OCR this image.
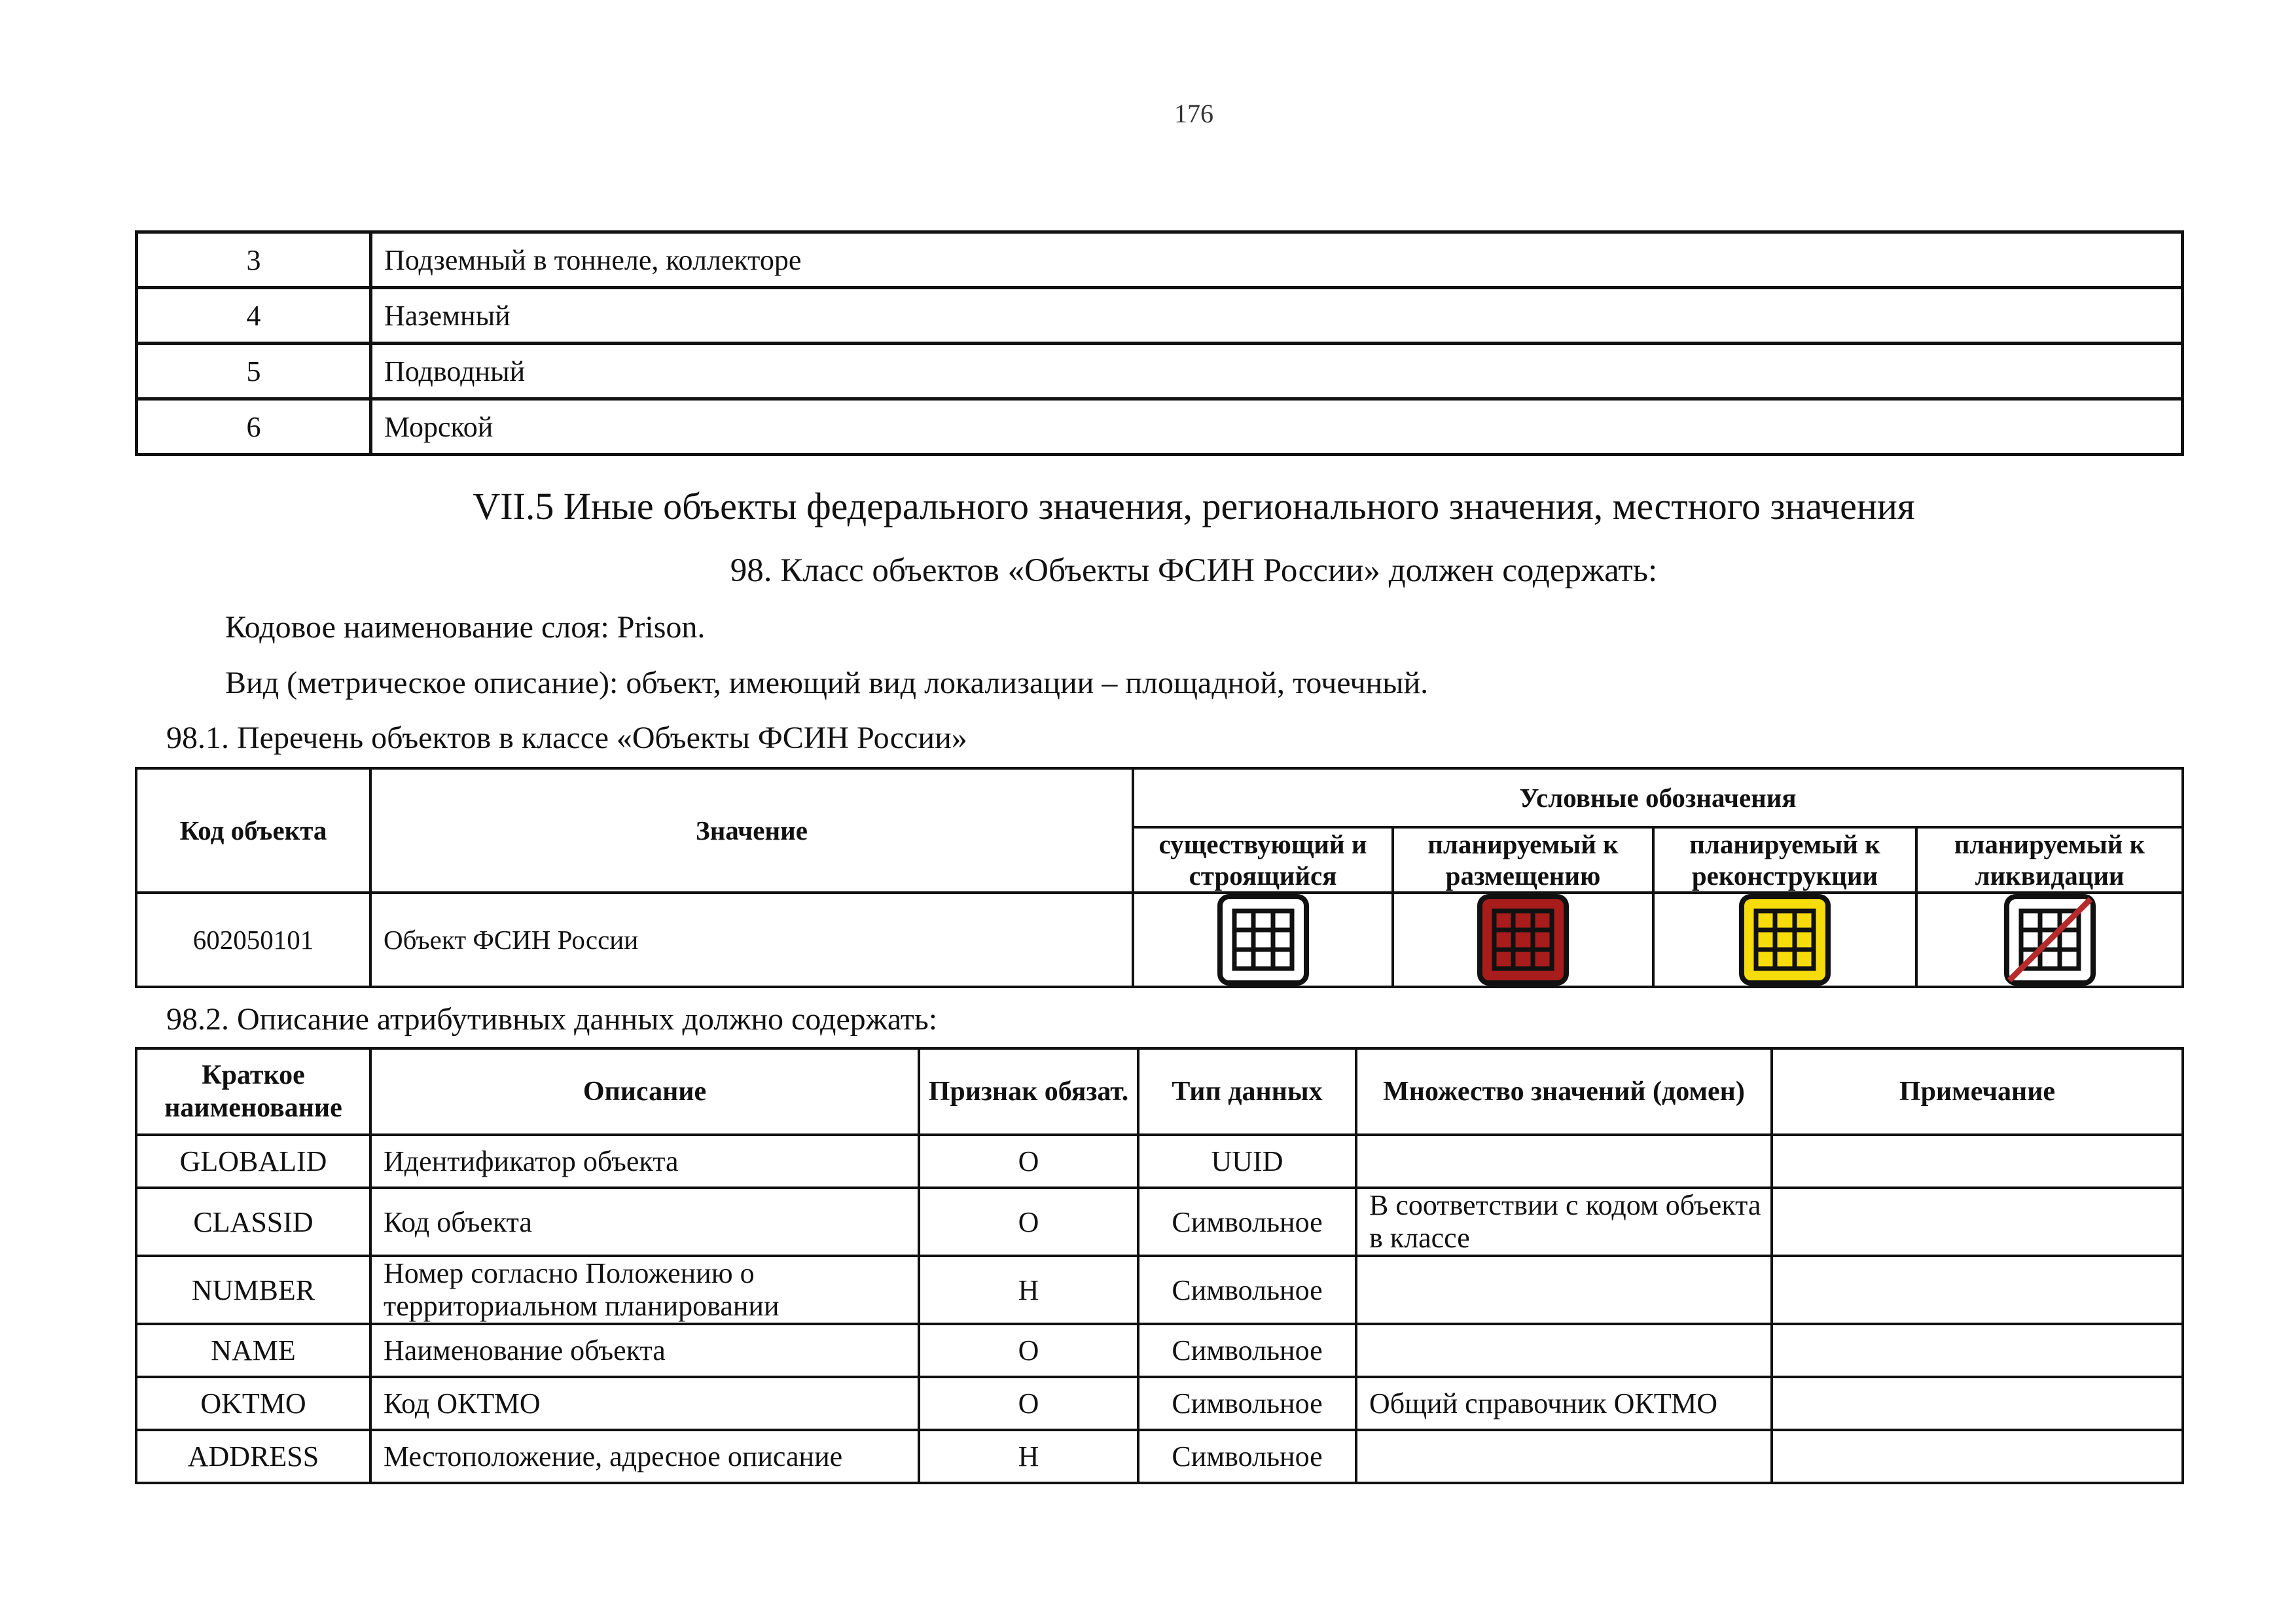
176
3	Подземный в тоннеле, коллекторе
4	Наземный
5	Подводный
6	Морской
VII.5 Иные объекты федерального значения, регионального значения, местного значения
98. Класс объектов «Объекты ФСИН России» должен содержать:
Кодовое наименование слоя: Prison.
Вид (метрическое описание): объект, имеющий вид локализации – площадной, точечный.
98.1. Перечень объектов в классе «Объекты ФСИН России»
Код объекта	Значение	Условные обозначения			
		существующий и строящийся	планируемый к размещению	планируемый к реконструкции	планируемый к ликвидации
602050101	Объект ФСИН России	

98.2. Описание атрибутивных данных должно содержать:
Краткое наименование	Описание	Признак обязат.	Тип данных	Множество значений (домен)	Примечание
GLOBALID	Идентификатор объекта	О	UUID		
CLASSID	Код объекта	О	Символьное	В соответствии с кодом объекта в классе	
NUMBER	Номер согласно Положению о территориальном планировании	Н	Символьное		
NAME	Наименование объекта	О	Символьное		
OKTMO	Код ОКТМО	О	Символьное	Общий справочник ОКТМО	
ADDRESS	Местоположение, адресное описание	Н	Символьное		
